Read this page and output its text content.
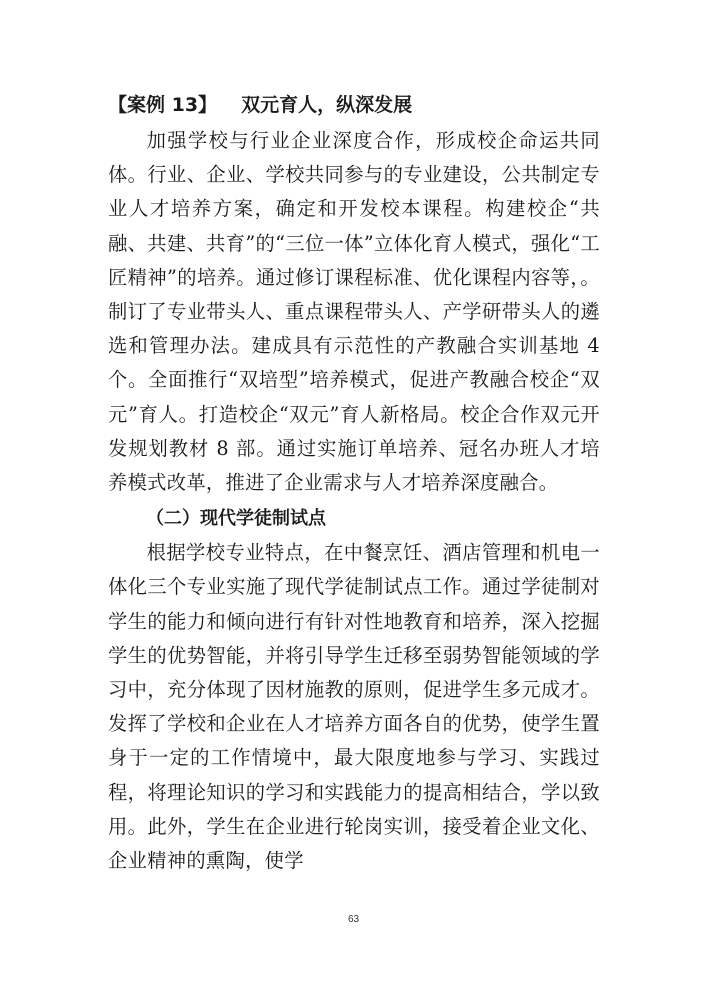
【案例 13】 双元育人，纵深发展

加强学校与行业企业深度合作，形成校企命运共同体。行业、企业、学校共同参与的专业建设，公共制定专业人才培养方案，确定和开发校本课程。构建校企“共融、共建、共育”的“三位一体”立体化育人模式，强化“工匠精神”的培养。通过修订课程标准、优化课程内容等，。制订了专业带头人、重点课程带头人、产学研带头人的遴选和管理办法。建成具有示范性的产教融合实训基地 4 个。全面推行“双培型”培养模式，促进产教融合校企“双元”育人。打造校企“双元”育人新格局。校企合作双元开发规划教材 8 部。通过实施订单培养、冠名办班人才培养模式改革，推进了企业需求与人才培养深度融合。

（二）现代学徒制试点

根据学校专业特点，在中餐烹饪、酒店管理和机电一体化三个专业实施了现代学徒制试点工作。通过学徒制对学生的能力和倾向进行有针对性地教育和培养，深入挖掘学生的优势智能，并将引导学生迁移至弱势智能领域的学习中，充分体现了因材施教的原则，促进学生多元成才。发挥了学校和企业在人才培养方面各自的优势，使学生置身于一定的工作情境中，最大限度地参与学习、实践过程，将理论知识的学习和实践能力的提高相结合，学以致用。此外，学生在企业进行轮岗实训，接受着企业文化、企业精神的熏陶，使学

63
